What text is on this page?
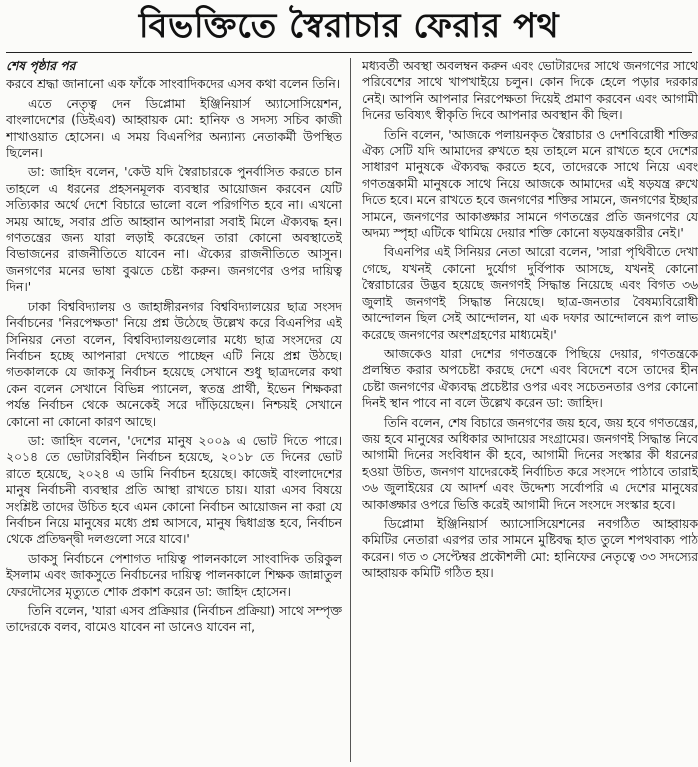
বিভক্তিতে স্বৈরাচার ফেরার পথ
শেষ পৃষ্ঠার পর

করবে শ্রদ্ধা জানানো এক ফাঁকে সাংবাদিকদের এসব কথা বলেন তিনি।

এতে নেতৃত্ব দেন ডিপ্লোমা ইঞ্জিনিয়ার্স অ্যাসোসিয়েশন, বাংলাদেশের (ডিইএব) আহ্বায়ক মো: হানিফ ও সদস্য সচিব কাজী শাখাওয়াত হোসেন। এ সময় বিএনপির অন্যান্য নেতাকর্মী উপস্থিত ছিলেন।

ডা: জাহিদ বলেন, 'কেউ যদি স্বৈরাচারকে পুনর্বাসিত করতে চান তাহলে এ ধরনের প্রহসনমূলক ব্যবস্থার আয়োজন করবেন যেটি সত্যিকার অর্থে দেশে বিচারে ভালো বলে পরিগণিত হবে না। এখনো সময় আছে, সবার প্রতি আহ্বান আপনারা সবাই মিলে ঐক্যবদ্ধ হন। গণতন্ত্রের জন্য যারা লড়াই করেছেন তারা কোনো অবস্থাতেই বিভাজনের রাজনীতিতে যাবেন না। ঐক্যের রাজনীতিতে আসুন। জনগণের মনের ভাষা বুঝতে চেষ্টা করুন। জনগণের ওপর দায়িত্ব দিন।'

ঢাকা বিশ্ববিদ্যালয় ও জাহাঙ্গীরনগর বিশ্ববিদ্যালয়ের ছাত্র সংসদ নির্বাচনের 'নিরপেক্ষতা' নিয়ে প্রশ্ন উঠেছে উল্লেখ করে বিএনপির এই সিনিয়র নেতা বলেন, বিশ্ববিদ্যালয়গুলোর মধ্যে ছাত্র সংসদের যে নির্বাচন হচ্ছে আপনারা দেখতে পাচ্ছেন এটি নিয়ে প্রশ্ন উঠছে। গতকালকে যে জাকসু নির্বাচন হয়েছে সেখানে শুধু ছাত্রদলের কথা কেন বলেন সেখানে বিভিন্ন প্যানেল, স্বতন্ত্র প্রার্থী, ইভেন শিক্ষকরা পর্যন্ত নির্বাচন থেকে অনেকেই সরে দাঁড়িয়েছেন। নিশ্চয়ই সেখানে কোনো না কোনো কারণ আছে।

ডা: জাহিদ বলেন, 'দেশের মানুষ ২০০৯ এ ভোট দিতে পারে। ২০১৪ তে ভোটারবিহীন নির্বাচন হয়েছে, ২০১৮ তে দিনের ভোট রাতে হয়েছে, ২০২৪ এ ডামি নির্বাচন হয়েছে। কাজেই বাংলাদেশের মানুষ নির্বাচনী ব্যবস্থার প্রতি আস্থা রাখতে চায়। যারা এসব বিষয়ে সংশ্লিষ্ট তাদের উচিত হবে এমন কোনো নির্বাচন আয়োজন না করা যে নির্বাচন নিয়ে মানুষের মধ্যে প্রশ্ন আসবে, মানুষ দ্বিধাগ্রস্ত হবে, নির্বাচন থেকে প্রতিদ্বন্দ্বী দলগুলো সরে যাবে।'

ডাকসু নির্বাচনে পেশাগত দায়িত্ব পালনকালে সাংবাদিক তরিকুল ইসলাম এবং জাকসুতে নির্বাচনের দায়িত্ব পালনকালে শিক্ষক জান্নাতুল ফেরদৌসের মৃত্যুতে শোক প্রকাশ করেন ডা: জাহিদ হোসেন।

তিনি বলেন, 'যারা এসব প্রক্রিয়ার (নির্বাচন প্রক্রিয়া) সাথে সম্পৃক্ত তাদেরকে বলব, বামেও যাবেন না ডানেও যাবেন না,

মধ্যবর্তী অবস্থা অবলম্বন করুন এবং ভোটারদের সাথে জনগণের সাথে পরিবেশের সাথে খাপখাইয়ে চলুন। কোন দিকে হেলে পড়ার দরকার নেই। আপনি আপনার নিরপেক্ষতা দিয়েই প্রমাণ করবেন এবং আগামী দিনের ভবিষ্যৎ স্বীকৃতি দিবে আপনার অবস্থান কী ছিল।

তিনি বলেন, 'আজকে পলায়নকৃত স্বৈরাচার ও দেশবিরোধী শক্তির ঐক্য সেটি যদি আমাদের রুখতে হয় তাহলে মনে রাখতে হবে দেশের সাধারণ মানুষকে ঐক্যবদ্ধ করতে হবে, তাদেরকে সাথে নিয়ে এবং গণতন্ত্রকামী মানুষকে সাথে নিয়ে আজকে আমাদের এই ষড়যন্ত্র রুখে দিতে হবে। মনে রাখতে হবে জনগণের শক্তির সামনে, জনগণের ইচ্ছার সামনে, জনগণের আকাঙ্ক্ষার সামনে গণতন্ত্রের প্রতি জনগণের যে অদম্য স্পৃহা এটিকে থামিয়ে দেয়ার শক্তি কোনো ষড়যন্ত্রকারীর নেই।'

বিএনপির এই সিনিয়র নেতা আরো বলেন, 'সারা পৃথিবীতে দেখা গেছে, যখনই কোনো দুর্যোগ দুর্বিপাক আসছে, যখনই কোনো স্বৈরাচারের উদ্ভব হয়েছে জনগণই সিদ্ধান্ত নিয়েছে এবং বিগত ৩৬ জুলাই জনগণই সিদ্ধান্ত নিয়েছে। ছাত্র-জনতার বৈষম্যবিরোধী আন্দোলন ছিল সেই আন্দোলন, যা এক দফার আন্দোলনে রূপ লাভ করেছে জনগণের অংশগ্রহণের মাধ্যমেই।'

আজকেও যারা দেশের গণতন্ত্রকে পিছিয়ে দেয়ার, গণতন্ত্রকে প্রলম্বিত করার অপচেষ্টা করছে দেশে এবং বিদেশে বসে তাদের হীন চেষ্টা জনগণের ঐক্যবদ্ধ প্রচেষ্টার ওপর এবং সচেতনতার ওপর কোনো দিনই স্থান পাবে না বলে উল্লেখ করেন ডা: জাহিদ।

তিনি বলেন, শেষ বিচারে জনগণের জয় হবে, জয় হবে গণতন্ত্রের, জয় হবে মানুষের অধিকার আদায়ের সংগ্রামের। জনগণই সিদ্ধান্ত নিবে আগামী দিনের সংবিধান কী হবে, আগামী দিনের সংস্কার কী ধরনের হওয়া উচিত, জনগণ যাদেরকেই নির্বাচিত করে সংসদে পাঠাবে তারাই ৩৬ জুলাইয়ের যে আদর্শ এবং উদ্দেশ্য সর্বোপরি এ দেশের মানুষের আকাঙ্ক্ষার ওপরে ভিত্তি করেই আগামী দিনে সংসদে সংস্কার হবে।

ডিপ্লোমা ইঞ্জিনিয়ার্স অ্যাসোসিয়েশনের নবগঠিত আহ্বায়ক কমিটির নেতারা এরপর তার সামনে মুষ্টিবদ্ধ হাত তুলে শপথবাক্য পাঠ করেন। গত ৩ সেপ্টেম্বর প্রকৌশলী মো: হানিফের নেতৃত্বে ৩৩ সদস্যের আহ্বায়ক কমিটি গঠিত হয়।
